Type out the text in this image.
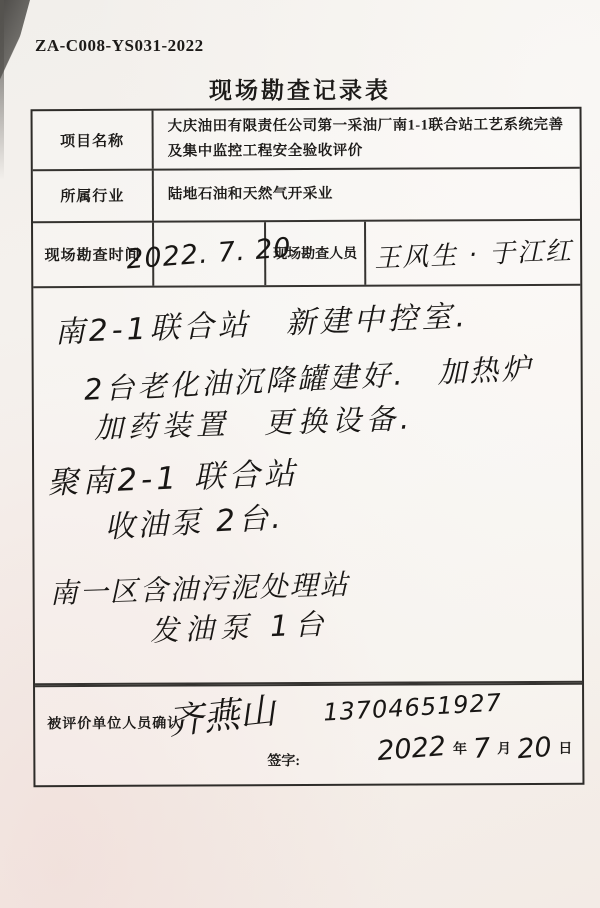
ZA-C008-YS031-2022
现场勘查记录表
项目名称
大庆油田有限责任公司第一采油厂南1-1联合站工艺系统完善及集中监控工程安全验收评价
所属行业	陆地石油和天然气开采业
现场勘查时间
2022. 7. 20
现场勘查人员 王风生 · 于江红
南2-1联合站　新建中控室.
2台老化油沉降罐建好.　加热炉
加药装置　更换设备.
聚南2-1 联合站
收油泵 2台.
南一区含油污泥处理站
发油泵 1台
被评价单位人员确认
齐燕山 13704651927
签字:	2022 年 7 月 20 日
